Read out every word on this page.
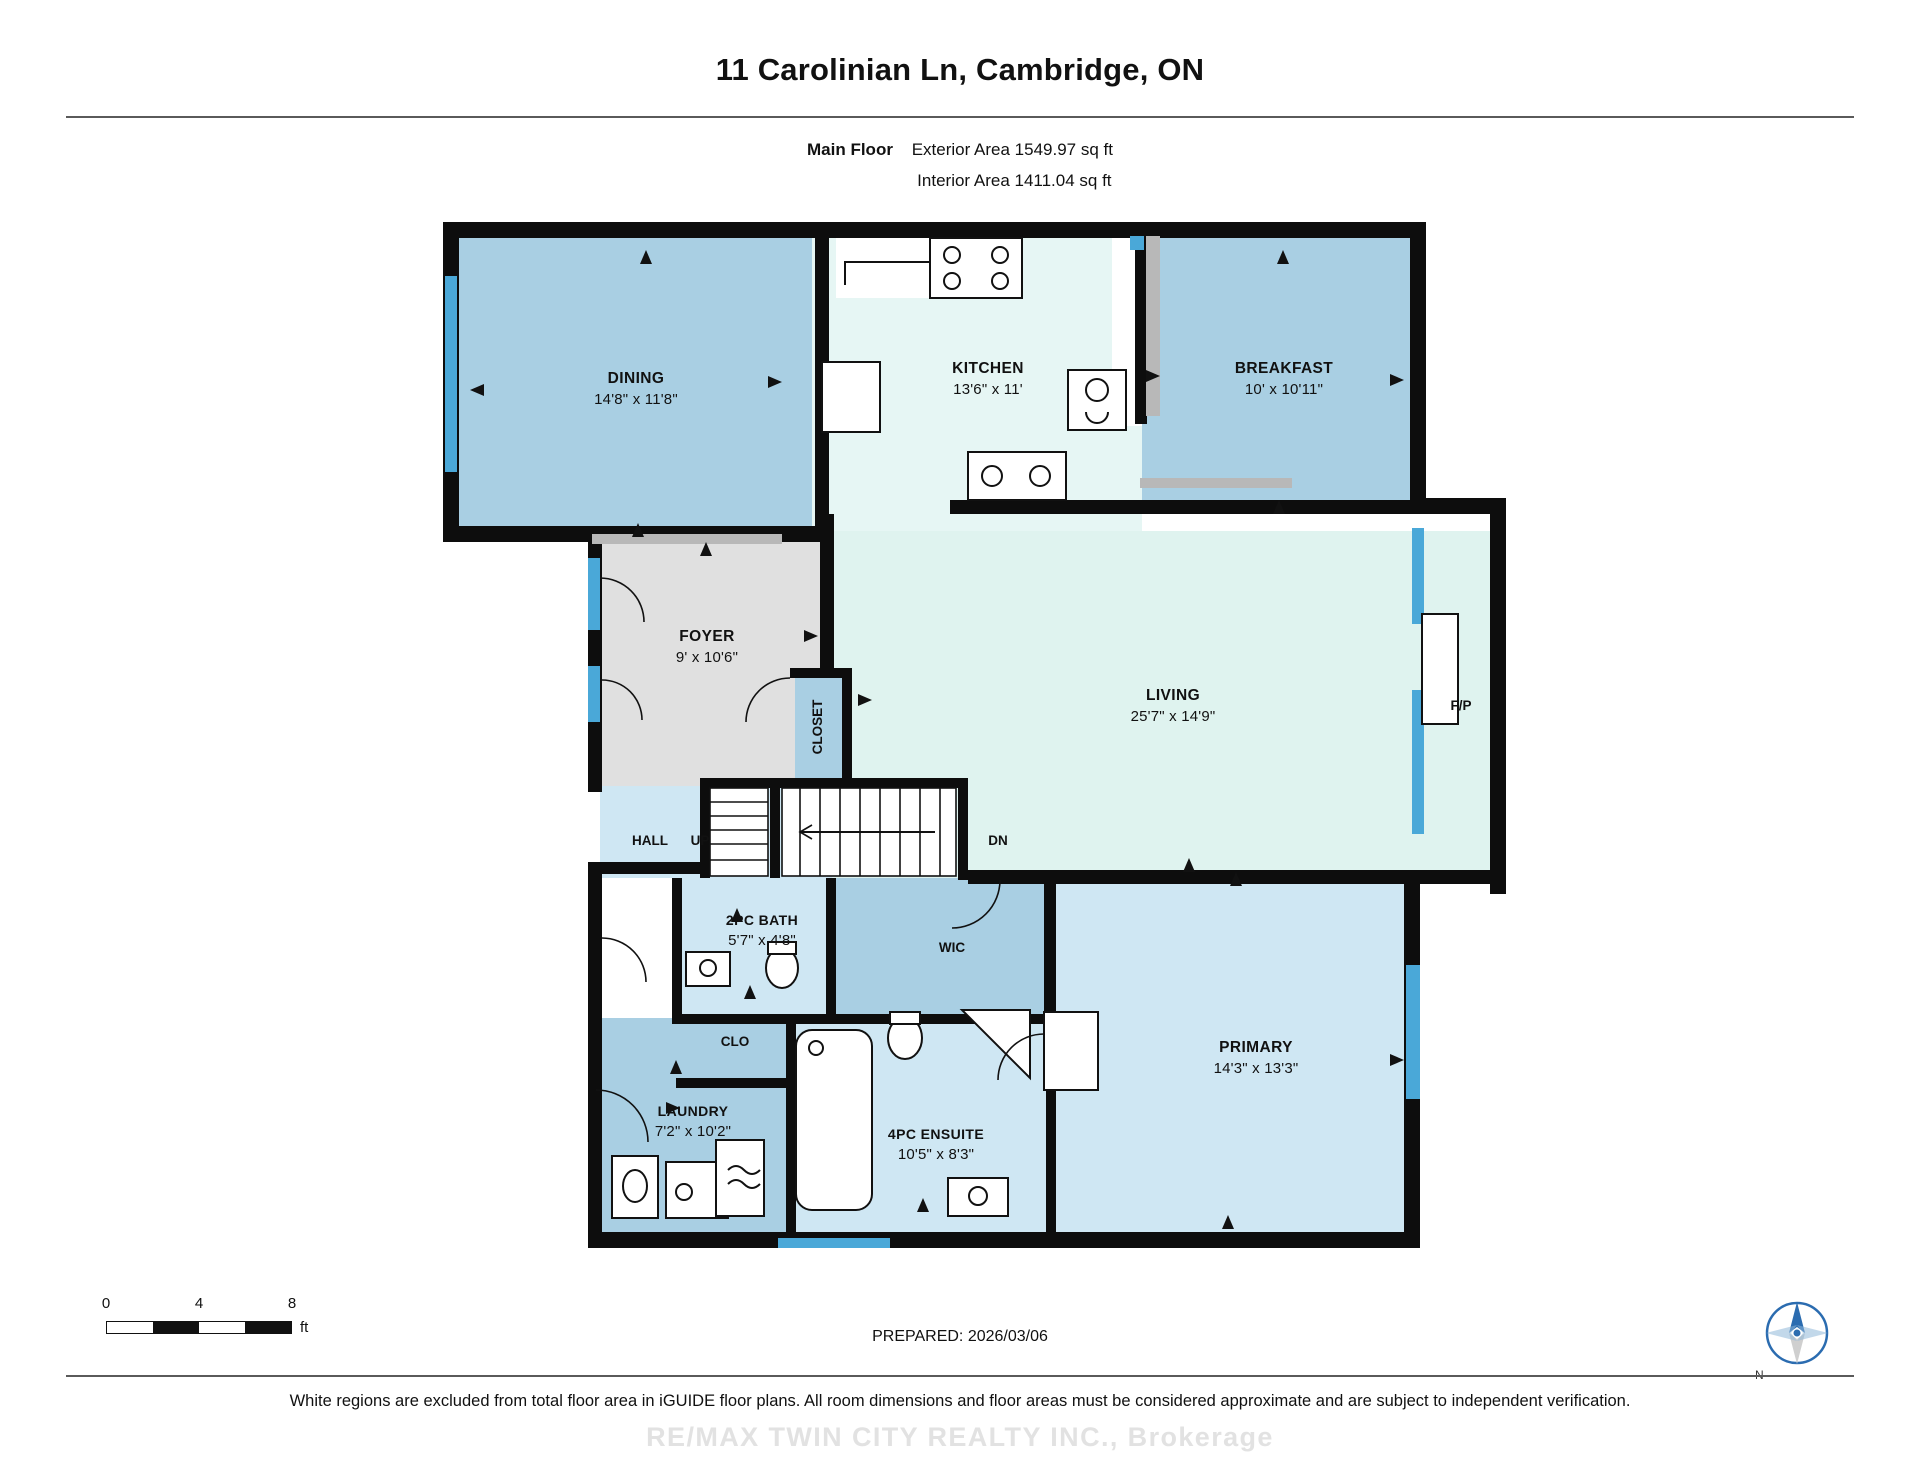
11 Carolinian Ln, Cambridge, ON
Main Floor Exterior Area 1549.97 sq ft
Interior Area 1411.04 sq ft
DINING
14'8" x 11'8"
KITCHEN
13'6" x 11'
BREAKFAST
10' x 10'11"
FOYER
9' x 10'6"
LIVING
25'7" x 14'9"
2PC BATH
5'7" x 4'8"
LAUNDRY
7'2" x 10'2"	4PC ENSUITE
10'5" x 8'3"
PRIMARY
14'3" x 13'3"
WIC
CLO
HALL UP	DN
F/P
CLOSET
0	4	8
ft
PREPARED: 2026/03/06
White regions are excluded from total floor area in iGUIDE floor plans. All room dimensions and floor areas must be considered approximate and are subject to independent verification.
RE/MAX TWIN CITY REALTY INC., Brokerage
